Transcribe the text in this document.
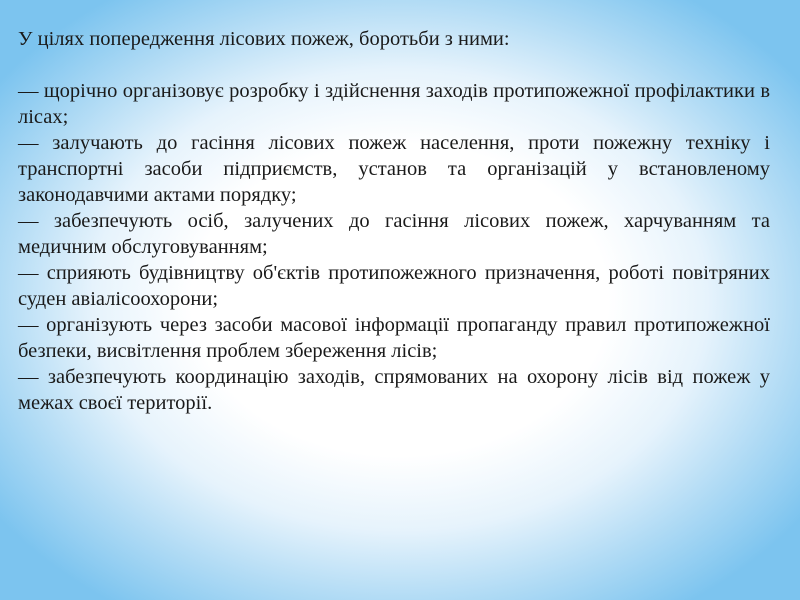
У цілях попередження лісових пожеж, боротьби з ними:

— щорічно організовує розробку і здійснення заходів протипожежної профілактики в лісах;

— залучають до гасіння лісових пожеж населення, проти пожежну техніку і транспортні засоби підприємств, установ та організацій у встановленому законодавчими актами порядку;

— забезпечують осіб, залучених до гасіння лісових пожеж, харчуванням та медичним обслуговуванням;

— сприяють будівництву об'єктів протипожежного призначення, роботі повітряних суден авіалісоохорони;

— організують через засоби масової інформації пропаганду правил протипожежної безпеки, висвітлення проблем збереження лісів;

— забезпечують координацію заходів, спрямованих на охорону лісів від пожеж у межах своєї території.
